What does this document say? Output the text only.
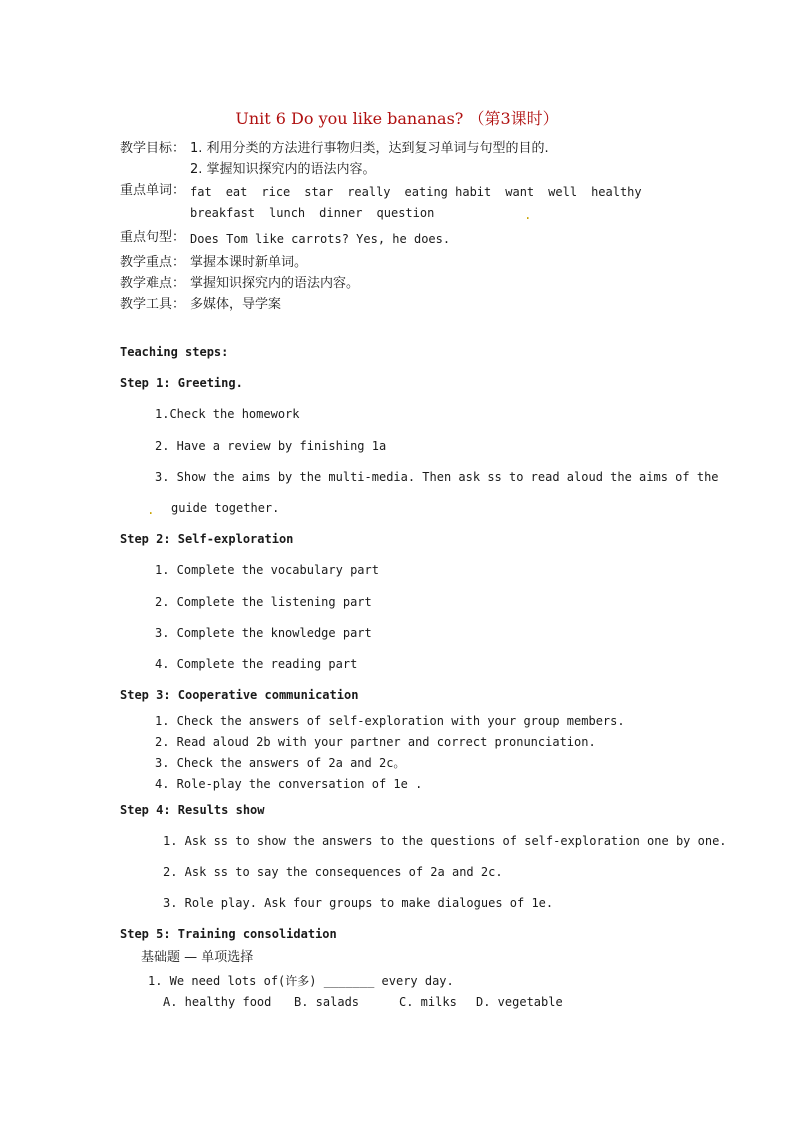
Unit 6 Do you like bananas? （第3课时）
教学目标： 1. 利用分类的方法进行事物归类，达到复习单词与句型的目的.
2. 掌握知识探究内的语法内容。
重点单词： fat eat rice star really eating habit want well healthy
breakfast lunch dinner question	.
重点句型： Does Tom like carrots? Yes, he does.
教学重点： 掌握本课时新单词。
教学难点： 掌握知识探究内的语法内容。
教学工具： 多媒体，导学案
Teaching steps:
Step 1: Greeting.
1.Check the homework
2. Have a review by finishing 1a
3. Show the aims by the multi-media. Then ask ss to read aloud the aims of the
. guide together.
Step 2: Self-exploration
1. Complete the vocabulary part
2. Complete the listening part
3. Complete the knowledge part
4. Complete the reading part
Step 3: Cooperative communication
1. Check the answers of self-exploration with your group members.
2. Read aloud 2b with your partner and correct pronunciation.
3. Check the answers of 2a and 2c。
4. Role-play the conversation of 1e .
Step 4: Results show
1. Ask ss to show the answers to the questions of self-exploration one by one.
2. Ask ss to say the consequences of 2a and 2c.
3. Role play. Ask four groups to make dialogues of 1e.
Step 5: Training consolidation
基础题 — 单项选择
1. We need lots of(许多) _______ every day.
A. healthy food B. salads	C. milks D. vegetable
